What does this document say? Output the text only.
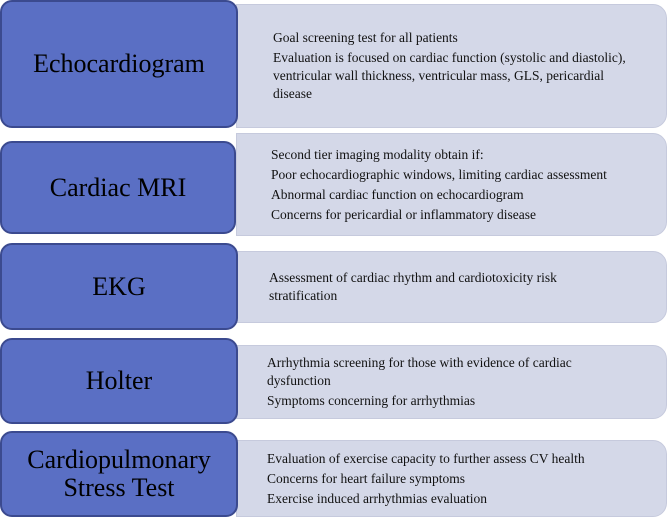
Goal screening test for all patients
Evaluation is focused on cardiac function (systolic and diastolic), ventricular wall thickness, ventricular mass, GLS, pericardial disease
Echocardiogram
Second tier imaging modality obtain if:
Poor echocardiographic windows, limiting cardiac assessment
Abnormal cardiac function on echocardiogram
Concerns for pericardial or inflammatory disease
Cardiac MRI
Assessment of cardiac rhythm and cardiotoxicity risk stratification
EKG
Arrhythmia screening for those with evidence of cardiac dysfunction
Symptoms concerning for arrhythmias
Holter
Evaluation of exercise capacity to further assess CV health
Concerns for heart failure symptoms
Exercise induced arrhythmias evaluation
Cardiopulmonary
Stress Test
